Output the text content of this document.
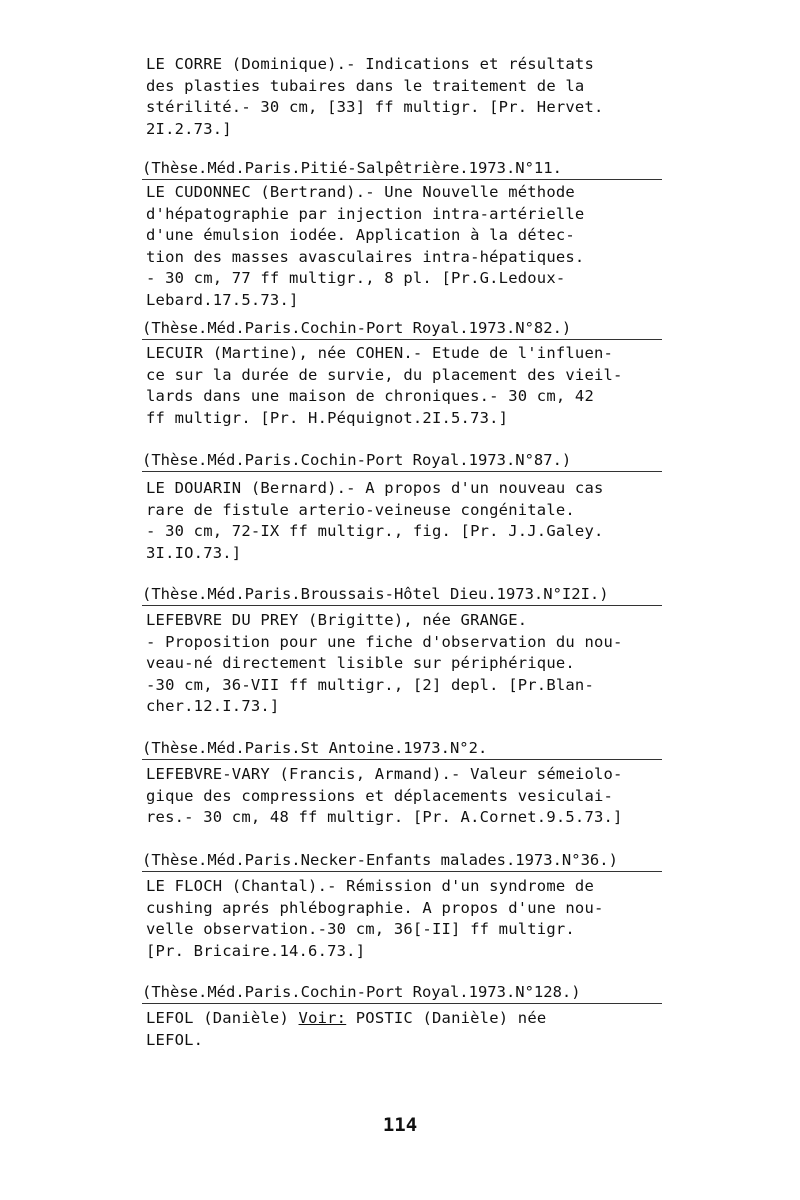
LE CORRE (Dominique).- Indications et résultats
des plasties tubaires dans le traitement de la
stérilité.- 30 cm, [33] ff multigr. [Pr. Hervet.
2I.2.73.]
(Thèse.Méd.Paris.Pitié-Salpêtrière.1973.N°11.
LE CUDONNEC (Bertrand).- Une Nouvelle méthode
d'hépatographie par injection intra-artérielle
d'une émulsion iodée. Application à la détec-
tion des masses avasculaires intra-hépatiques.
- 30 cm, 77 ff multigr., 8 pl. [Pr.G.Ledoux-
Lebard.17.5.73.]
(Thèse.Méd.Paris.Cochin-Port Royal.1973.N°82.)
LECUIR (Martine), née COHEN.- Etude de l'influen-
ce sur la durée de survie, du placement des vieil-
lards dans une maison de chroniques.- 30 cm, 42
ff multigr. [Pr. H.Péquignot.2I.5.73.]
(Thèse.Méd.Paris.Cochin-Port Royal.1973.N°87.)
LE DOUARIN (Bernard).- A propos d'un nouveau cas
rare de fistule arterio-veineuse congénitale.
- 30 cm, 72-IX ff multigr., fig. [Pr. J.J.Galey.
3I.IO.73.]
(Thèse.Méd.Paris.Broussais-Hôtel Dieu.1973.N°I2I.)
LEFEBVRE DU PREY (Brigitte), née GRANGE.
- Proposition pour une fiche d'observation du nou-
veau-né directement lisible sur périphérique.
-30 cm, 36-VII ff multigr., [2] depl. [Pr.Blan-
cher.12.I.73.]
(Thèse.Méd.Paris.St Antoine.1973.N°2.
LEFEBVRE-VARY (Francis, Armand).- Valeur sémeiolo-
gique des compressions et déplacements vesiculai-
res.- 30 cm, 48 ff multigr. [Pr. A.Cornet.9.5.73.]
(Thèse.Méd.Paris.Necker-Enfants malades.1973.N°36.)
LE FLOCH (Chantal).- Rémission d'un syndrome de
cushing aprés phlébographie. A propos d'une nou-
velle observation.-30 cm, 36[-II] ff multigr.
[Pr. Bricaire.14.6.73.]
(Thèse.Méd.Paris.Cochin-Port Royal.1973.N°128.)
LEFOL (Danièle) Voir: POSTIC (Danièle) née
LEFOL.
114
